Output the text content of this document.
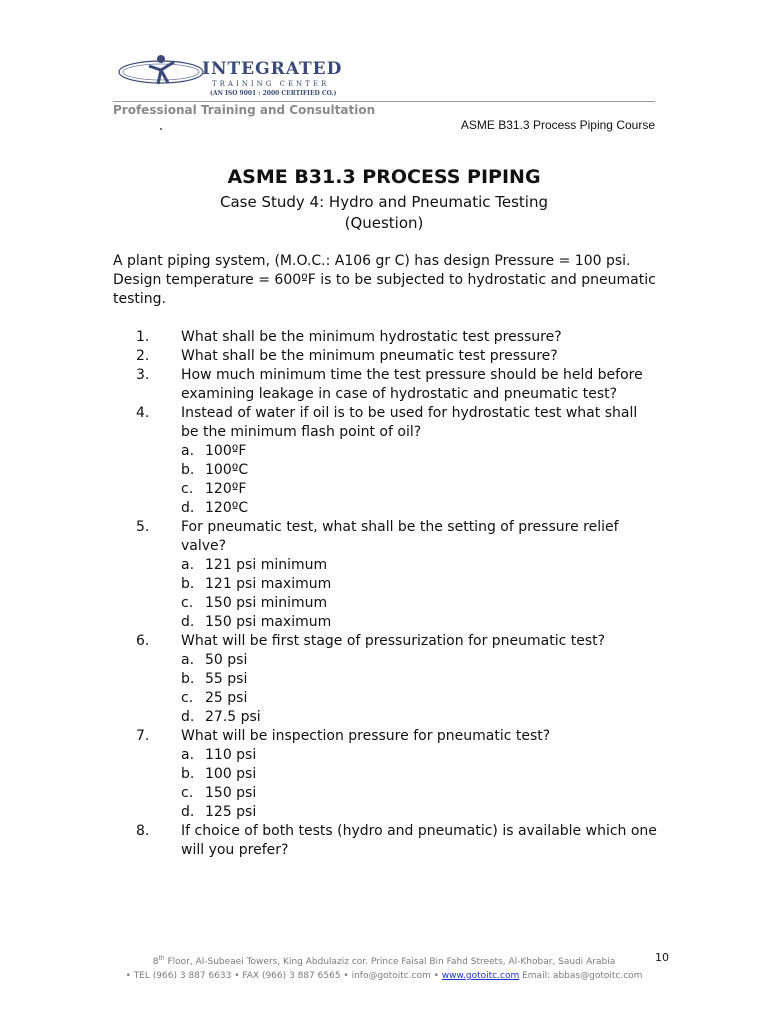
INTEGRATED
TRAINING CENTER
(AN ISO 9001 : 2000 CERTIFIED CO.)
Professional Training and Consultation
ASME B31.3 Process Piping Course
ASME B31.3 PROCESS PIPING
Case Study 4: Hydro and Pneumatic Testing
(Question)
A plant piping system, (M.O.C.: A106 gr C) has design Pressure = 100 psi. Design temperature = 600ºF is to be subjected to hydrostatic and pneumatic testing.
1.	What shall be the minimum hydrostatic test pressure?
2.	What shall be the minimum pneumatic test pressure?
3.	How much minimum time the test pressure should be held before examining leakage in case of hydrostatic and pneumatic test?
4.	Instead of water if oil is to be used for hydrostatic test what shall be the minimum flash point of oil?
a. 100ºF
b. 100ºC
c. 120ºF
d. 120ºC
5.	For pneumatic test, what shall be the setting of pressure relief valve?
a. 121 psi minimum
b. 121 psi maximum
c. 150 psi minimum
d. 150 psi maximum
6.	What will be first stage of pressurization for pneumatic test?
a. 50 psi
b. 55 psi
c. 25 psi
d. 27.5 psi
7.	What will be inspection pressure for pneumatic test?
a. 110 psi
b. 100 psi
c. 150 psi
d. 125 psi
8.	If choice of both tests (hydro and pneumatic) is available which one will you prefer?
10
8th Floor, Al-Subeaei Towers, King Abdulaziz cor. Prince Faisal Bin Fahd Streets, Al-Khobar, Saudi Arabia
• TEL (966) 3 887 6633 • FAX (966) 3 887 6565 • info@gotoitc.com • www.gotoitc.com Email: abbas@gotoitc.com
